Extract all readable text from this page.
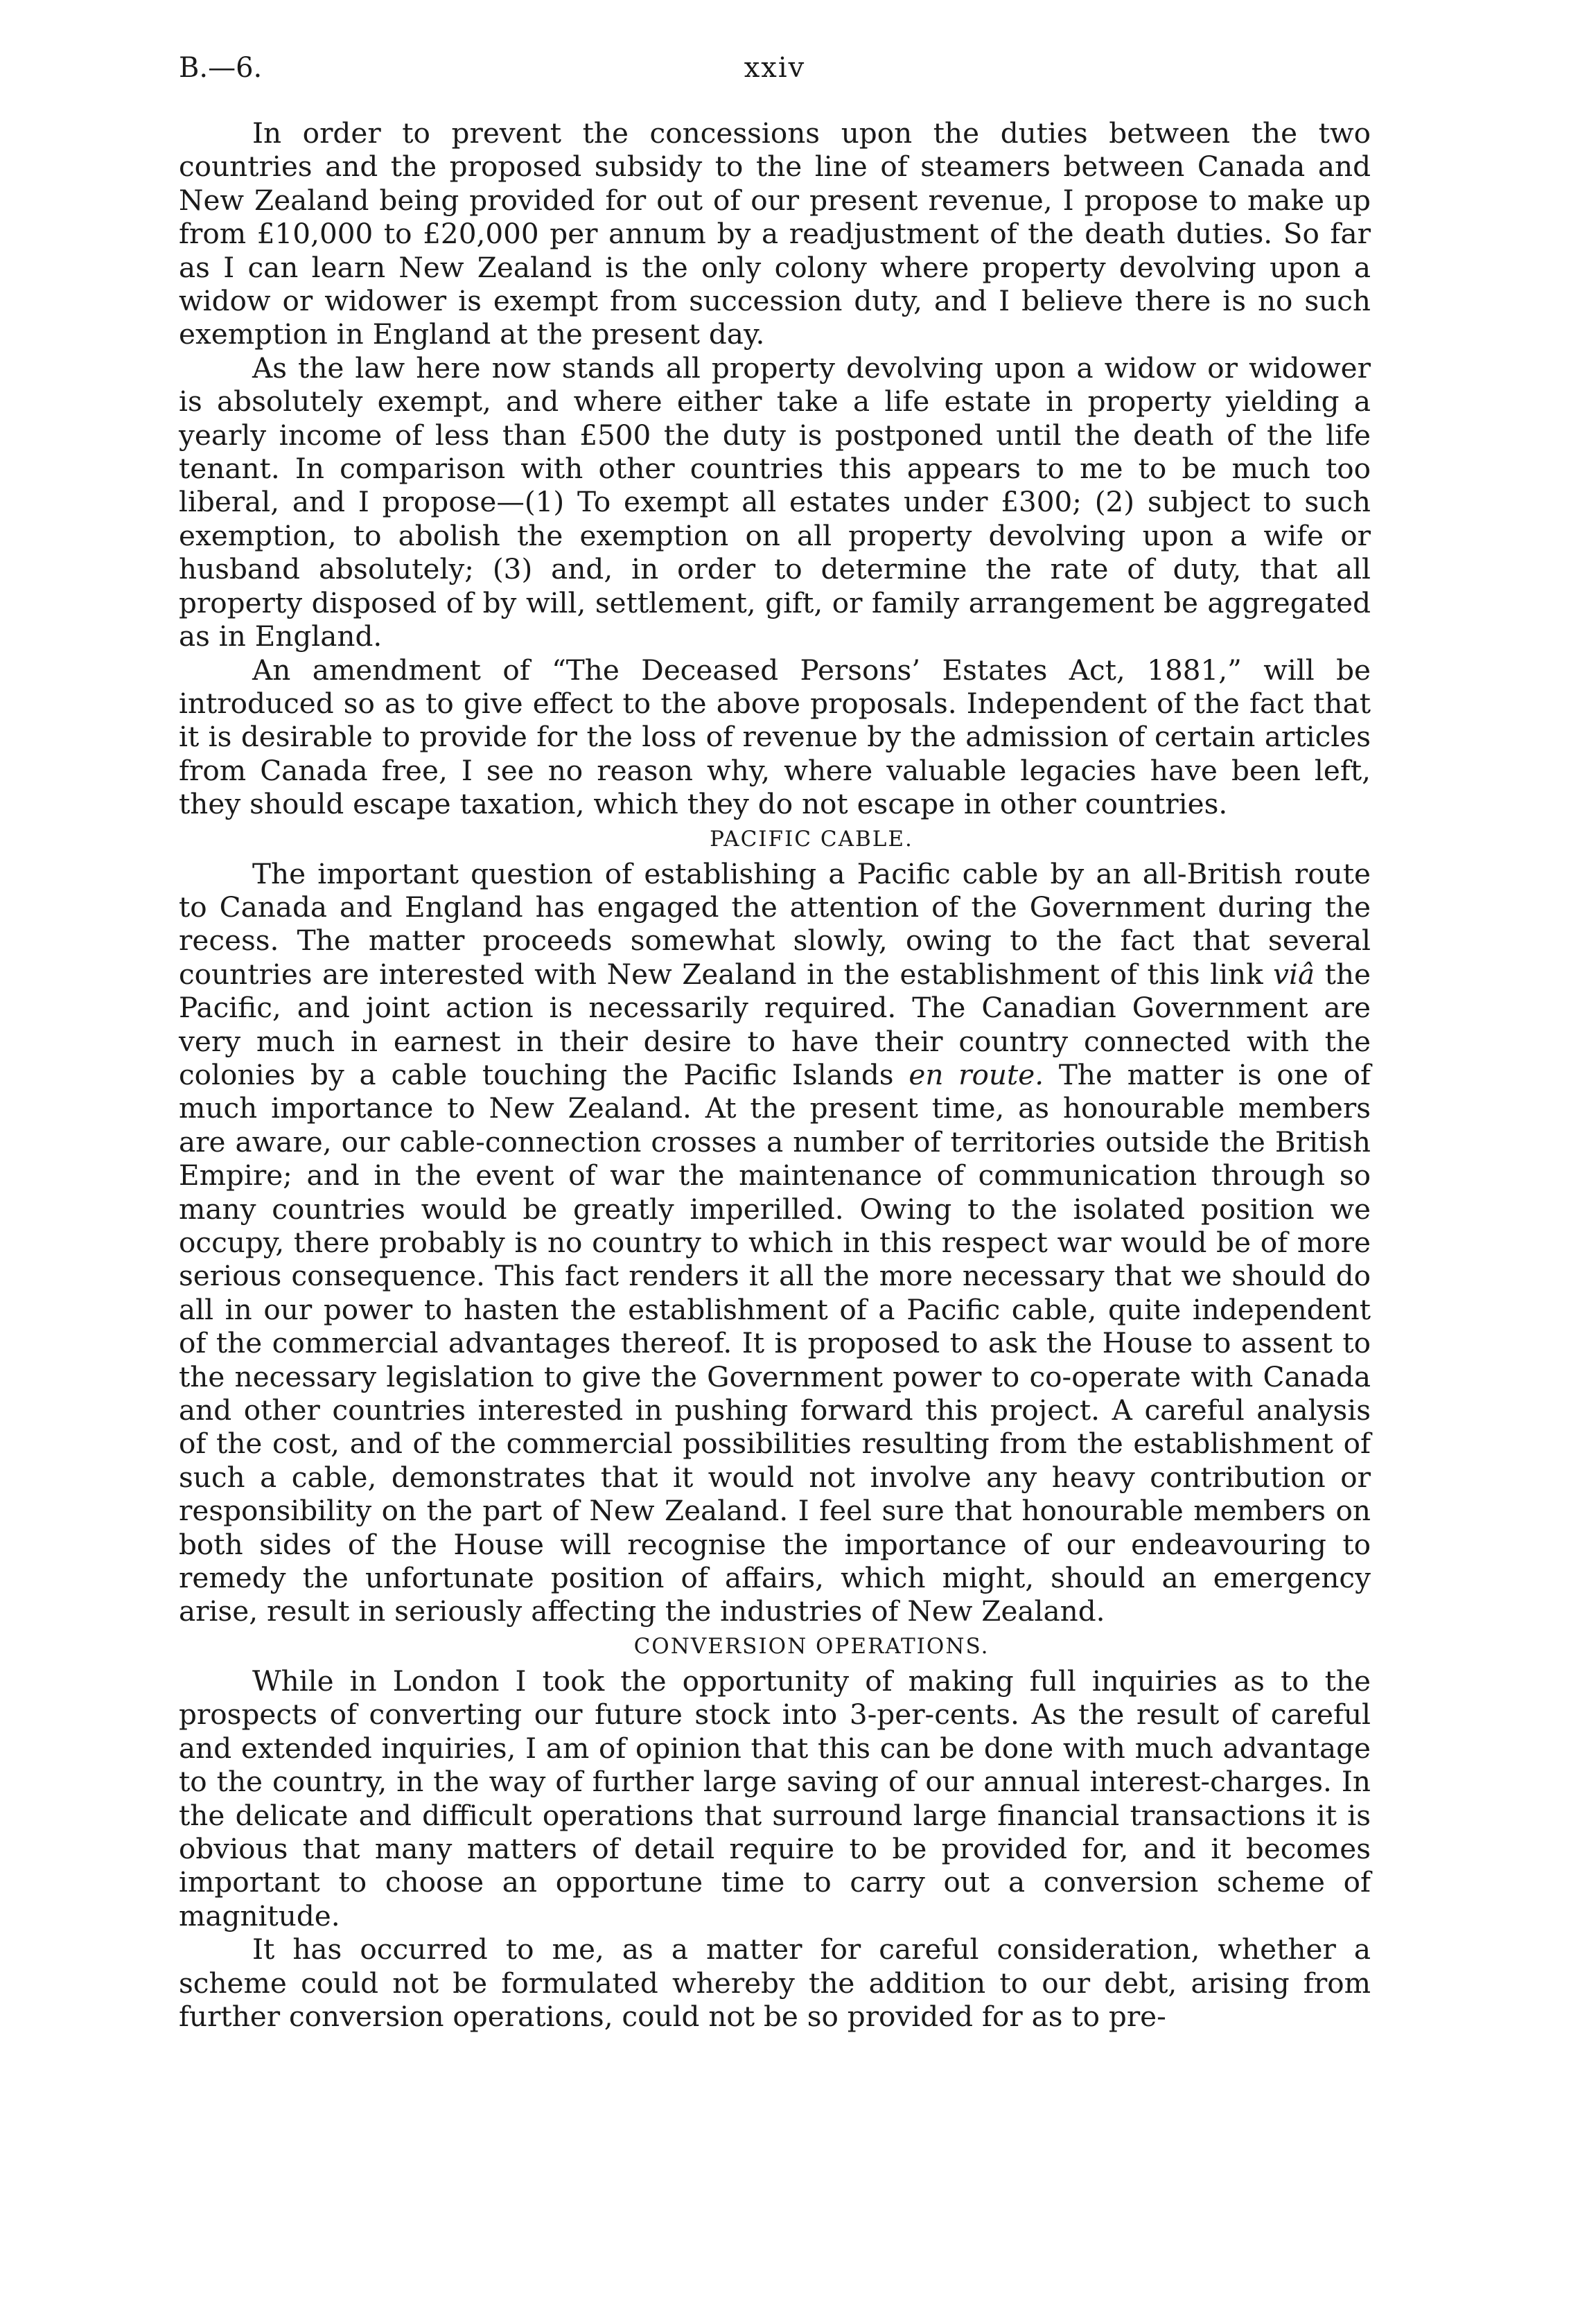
B.—6.	xxiv

In order to prevent the concessions upon the duties between the two countries and the proposed subsidy to the line of steamers between Canada and New Zealand being provided for out of our present revenue, I propose to make up from £10,000 to £20,000 per annum by a readjustment of the death duties. So far as I can learn New Zealand is the only colony where property devolving upon a widow or widower is exempt from succession duty, and I believe there is no such exemption in England at the present day.

As the law here now stands all property devolving upon a widow or widower is absolutely exempt, and where either take a life estate in property yielding a yearly income of less than £500 the duty is postponed until the death of the life tenant. In comparison with other countries this appears to me to be much too liberal, and I propose—(1) To exempt all estates under £300; (2) subject to such exemption, to abolish the exemption on all property devolving upon a wife or husband absolutely; (3) and, in order to determine the rate of duty, that all property disposed of by will, settlement, gift, or family arrangement be aggregated as in England.

An amendment of “The Deceased Persons’ Estates Act, 1881,” will be introduced so as to give effect to the above proposals. Independent of the fact that it is desirable to provide for the loss of revenue by the admission of certain articles from Canada free, I see no reason why, where valuable legacies have been left, they should escape taxation, which they do not escape in other countries.

PACIFIC CABLE.

The important question of establishing a Pacific cable by an all-British route to Canada and England has engaged the attention of the Government during the recess. The matter proceeds somewhat slowly, owing to the fact that several countries are interested with New Zealand in the establishment of this link viâ the Pacific, and joint action is necessarily required. The Canadian Government are very much in earnest in their desire to have their country connected with the colonies by a cable touching the Pacific Islands en route. The matter is one of much importance to New Zealand. At the present time, as honourable members are aware, our cable-connection crosses a number of territories outside the British Empire; and in the event of war the maintenance of communication through so many countries would be greatly imperilled. Owing to the isolated position we occupy, there probably is no country to which in this respect war would be of more serious consequence. This fact renders it all the more necessary that we should do all in our power to hasten the establishment of a Pacific cable, quite independent of the commercial advantages thereof. It is proposed to ask the House to assent to the necessary legislation to give the Government power to co-operate with Canada and other countries interested in pushing forward this project. A careful analysis of the cost, and of the commercial possibilities resulting from the establishment of such a cable, demonstrates that it would not involve any heavy contribution or responsibility on the part of New Zealand. I feel sure that honourable members on both sides of the House will recognise the importance of our endeavouring to remedy the unfortunate position of affairs, which might, should an emergency arise, result in seriously affecting the industries of New Zealand.

CONVERSION OPERATIONS.

While in London I took the opportunity of making full inquiries as to the prospects of converting our future stock into 3-per-cents. As the result of careful and extended inquiries, I am of opinion that this can be done with much advantage to the country, in the way of further large saving of our annual interest-charges. In the delicate and difficult operations that surround large financial transactions it is obvious that many matters of detail require to be provided for, and it becomes important to choose an opportune time to carry out a conversion scheme of magnitude.

It has occurred to me, as a matter for careful consideration, whether a scheme could not be formulated whereby the addition to our debt, arising from further conversion operations, could not be so provided for as to pre-
